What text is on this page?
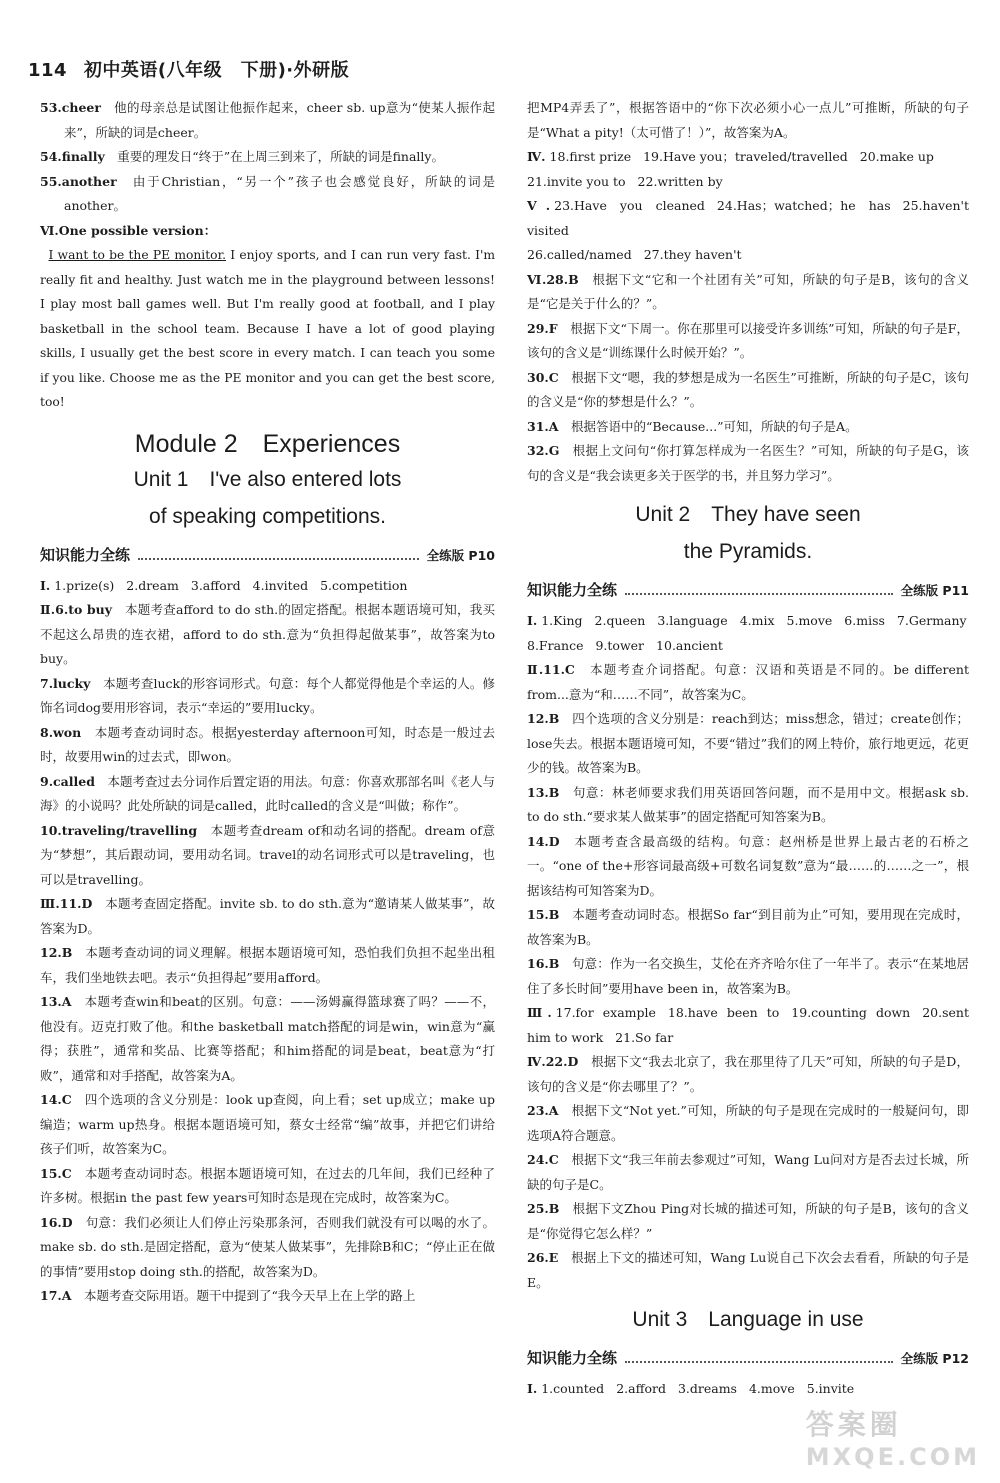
114 初中英语(八年级　下册)·外研版

53.cheer　他的母亲总是试图让他振作起来，cheer sb. up意为“使某人振作起来”，所缺的词是cheer。

54.finally　重要的理发日“终于”在上周三到来了，所缺的词是finally。

55.another　由于Christian，“另一个”孩子也会感觉良好，所缺的词是another。

Ⅵ.One possible version：

I want to be the PE monitor. I enjoy sports, and I can run very fast. I'm really fit and healthy. Just watch me in the playground between lessons! I play most ball games well. But I'm really good at football, and I play basketball in the school team. Because I have a lot of good playing skills, I usually get the best score in every match. I can teach you some if you like. Choose me as the PE monitor and you can get the best score, too!

Module 2　Experiences

Unit 1　I've also entered lots

of speaking competitions.

知识能力全练	全练版 P10

Ⅰ. 1.prize(s) 2.dream 3.afford 4.invited 5.competition

Ⅱ.6.to buy　本题考查afford to do sth.的固定搭配。根据本题语境可知，我买不起这么昂贵的连衣裙，afford to do sth.意为“负担得起做某事”，故答案为to buy。

7.lucky　本题考查luck的形容词形式。句意：每个人都觉得他是个幸运的人。修饰名词dog要用形容词，表示“幸运的”要用lucky。

8.won　本题考查动词时态。根据yesterday afternoon可知，时态是一般过去时，故要用win的过去式，即won。

9.called　本题考查过去分词作后置定语的用法。句意：你喜欢那部名叫《老人与海》的小说吗？此处所缺的词是called，此时called的含义是“叫做；称作”。

10.traveling/travelling　本题考查dream of和动名词的搭配。dream of意为“梦想”，其后跟动词，要用动名词。travel的动名词形式可以是traveling，也可以是travelling。

Ⅲ.11.D　本题考查固定搭配。invite sb. to do sth.意为“邀请某人做某事”，故答案为D。

12.B　本题考查动词的词义理解。根据本题语境可知，恐怕我们负担不起坐出租车，我们坐地铁去吧。表示“负担得起”要用afford。

13.A　本题考查win和beat的区别。句意：——汤姆赢得篮球赛了吗？——不，他没有。迈克打败了他。和the basketball match搭配的词是win，win意为“赢得；获胜”，通常和奖品、比赛等搭配；和him搭配的词是beat，beat意为“打败”，通常和对手搭配，故答案为A。

14.C　四个选项的含义分别是：look up查阅，向上看；set up成立；make up编造；warm up热身。根据本题语境可知，蔡女士经常“编”故事，并把它们讲给孩子们听，故答案为C。

15.C　本题考查动词时态。根据本题语境可知，在过去的几年间，我们已经种了许多树。根据in the past few years可知时态是现在完成时，故答案为C。

16.D　句意：我们必须让人们停止污染那条河，否则我们就没有可以喝的水了。make sb. do sth.是固定搭配，意为“使某人做某事”，先排除B和C；“停止正在做的事情”要用stop doing sth.的搭配，故答案为D。

17.A　本题考查交际用语。题干中提到了“我今天早上在上学的路上

把MP4弄丢了”，根据答语中的“你下次必须小心一点儿”可推断，所缺的句子是“What a pity!（太可惜了！）”，故答案为A。

Ⅳ. 18.first prize 19.Have you；traveled/travelled 20.make up

21.invite you to 22.written by

Ⅴ. 23.Have you cleaned 24.Has；watched；he has 25.haven't visited

26.called/named 27.they haven't

Ⅵ.28.B　根据下文“它和一个社团有关”可知，所缺的句子是B，该句的含义是“它是关于什么的？”。

29.F　根据下文“下周一。你在那里可以接受许多训练”可知，所缺的句子是F，该句的含义是“训练课什么时候开始？”。

30.C　根据下文“嗯，我的梦想是成为一名医生”可推断，所缺的句子是C，该句的含义是“你的梦想是什么？”。

31.A　根据答语中的“Because...”可知，所缺的句子是A。

32.G　根据上文问句“你打算怎样成为一名医生？”可知，所缺的句子是G，该句的含义是“我会读更多关于医学的书，并且努力学习”。

Unit 2　They have seen

the Pyramids.

知识能力全练	全练版 P11

Ⅰ. 1.King 2.queen 3.language 4.mix 5.move 6.miss 7.Germany

8.France 9.tower 10.ancient

Ⅱ.11.C　本题考查介词搭配。句意：汉语和英语是不同的。be different from...意为“和……不同”，故答案为C。

12.B　四个选项的含义分别是：reach到达；miss想念，错过；create创作；lose失去。根据本题语境可知，不要“错过”我们的网上特价，旅行地更远，花更少的钱。故答案为B。

13.B　句意：林老师要求我们用英语回答问题，而不是用中文。根据ask sb. to do sth.“要求某人做某事”的固定搭配可知答案为B。

14.D　本题考查含最高级的结构。句意：赵州桥是世界上最古老的石桥之一。“one of the+形容词最高级+可数名词复数”意为“最……的……之一”，根据该结构可知答案为D。

15.B　本题考查动词时态。根据So far“到目前为止”可知，要用现在完成时，故答案为B。

16.B　句意：作为一名交换生，艾伦在齐齐哈尔住了一年半了。表示“在某地居住了多长时间”要用have been in，故答案为B。

Ⅲ. 17.for example 18.have been to 19.counting down 20.sent him to work 21.So far

Ⅳ.22.D　根据下文“我去北京了，我在那里待了几天”可知，所缺的句子是D，该句的含义是“你去哪里了？”。

23.A　根据下文“Not yet.”可知，所缺的句子是现在完成时的一般疑问句，即选项A符合题意。

24.C　根据下文“我三年前去参观过”可知，Wang Lu问对方是否去过长城，所缺的句子是C。

25.B　根据下文Zhou Ping对长城的描述可知，所缺的句子是B，该句的含义是“你觉得它怎么样？”

26.E　根据上下文的描述可知，Wang Lu说自己下次会去看看，所缺的句子是E。

Unit 3　Language in use

知识能力全练	全练版 P12

Ⅰ. 1.counted 2.afford 3.dreams 4.move 5.invite

答案圈
MXQE.COM
